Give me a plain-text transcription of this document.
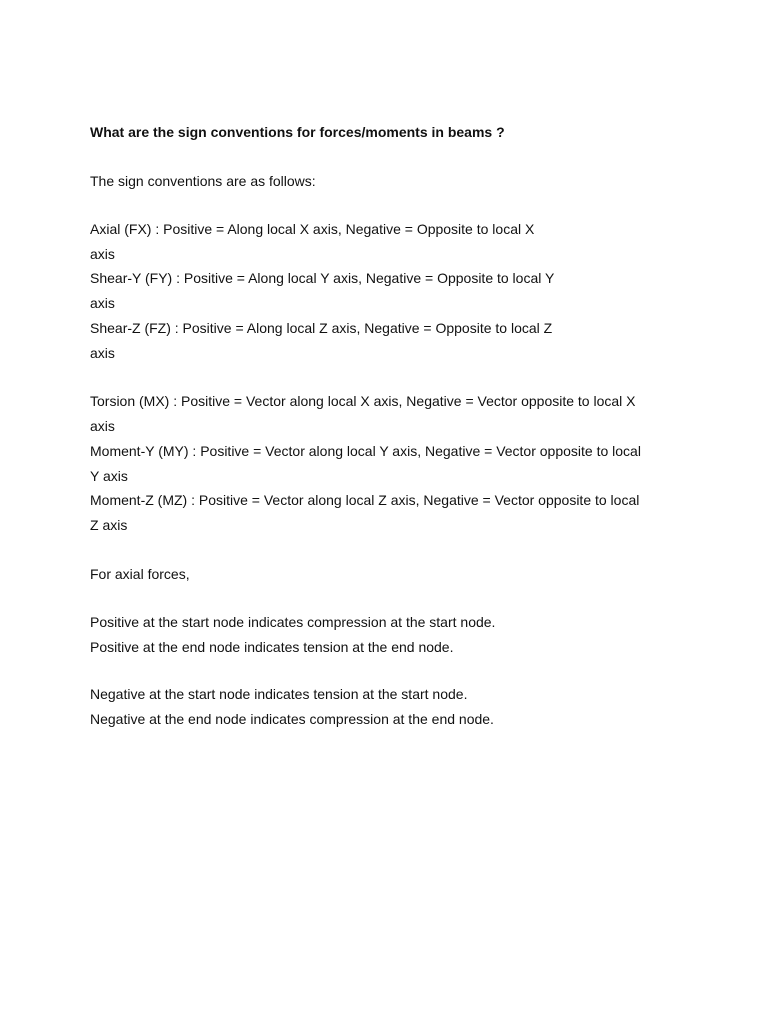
What are the sign conventions for forces/moments in beams ?
The sign conventions are as follows:
Axial (FX) : Positive = Along local X axis, Negative = Opposite to local X
axis
Shear-Y (FY) : Positive = Along local Y axis, Negative = Opposite to local Y
axis
Shear-Z (FZ) : Positive = Along local Z axis, Negative = Opposite to local Z
axis
Torsion (MX) : Positive = Vector along local X axis, Negative = Vector opposite to local X
axis
Moment-Y (MY) : Positive = Vector along local Y axis, Negative = Vector opposite to local
Y axis
Moment-Z (MZ) : Positive = Vector along local Z axis, Negative = Vector opposite to local
Z axis
For axial forces,
Positive at the start node indicates compression at the start node.
Positive at the end node indicates tension at the end node.
Negative at the start node indicates tension at the start node.
Negative at the end node indicates compression at the end node.
